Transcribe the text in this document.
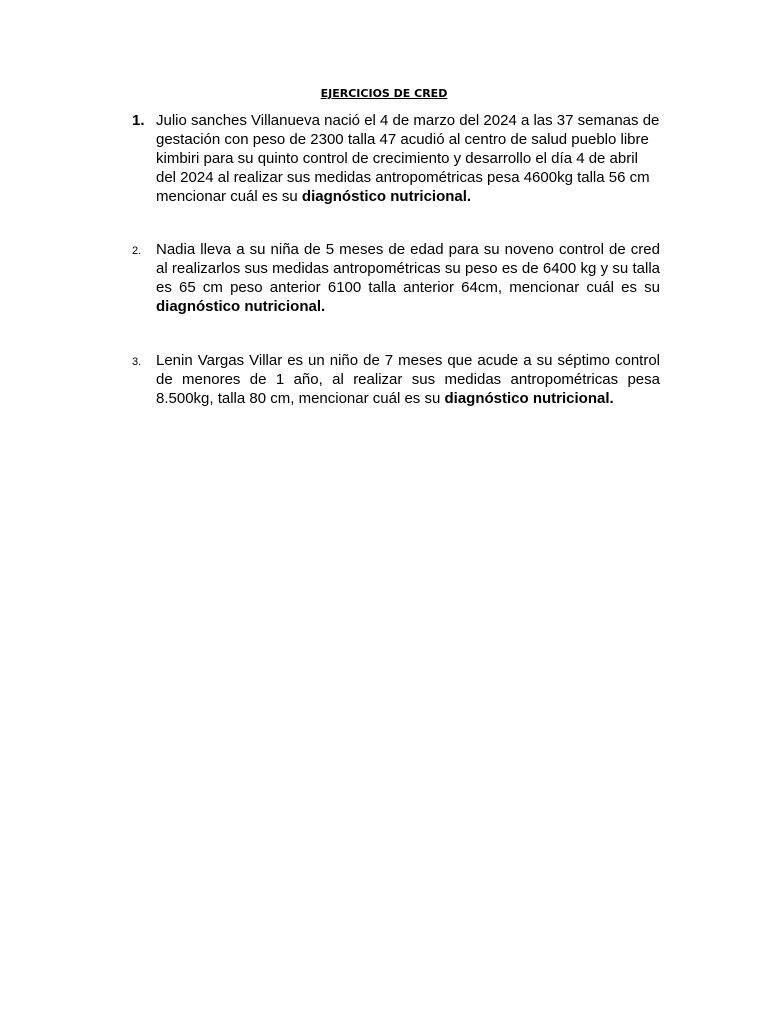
EJERCICIOS DE CRED
1. Julio sanches Villanueva nació el 4 de marzo del 2024 a las 37 semanas de gestación con peso de 2300 talla 47 acudió al centro de salud pueblo libre kimbiri para su quinto control de crecimiento y desarrollo el día 4 de abril del 2024 al realizar sus medidas antropométricas pesa 4600kg talla 56 cm mencionar cuál es su diagnóstico nutricional.
2. Nadia lleva a su niña de 5 meses de edad para su noveno control de cred al realizarlos sus medidas antropométricas su peso es de 6400 kg y su talla es 65 cm peso anterior 6100 talla anterior 64cm, mencionar cuál es su diagnóstico nutricional.
3. Lenin Vargas Villar es un niño de 7 meses que acude a su séptimo control de menores de 1 año, al realizar sus medidas antropométricas pesa 8.500kg, talla 80 cm, mencionar cuál es su diagnóstico nutricional.
